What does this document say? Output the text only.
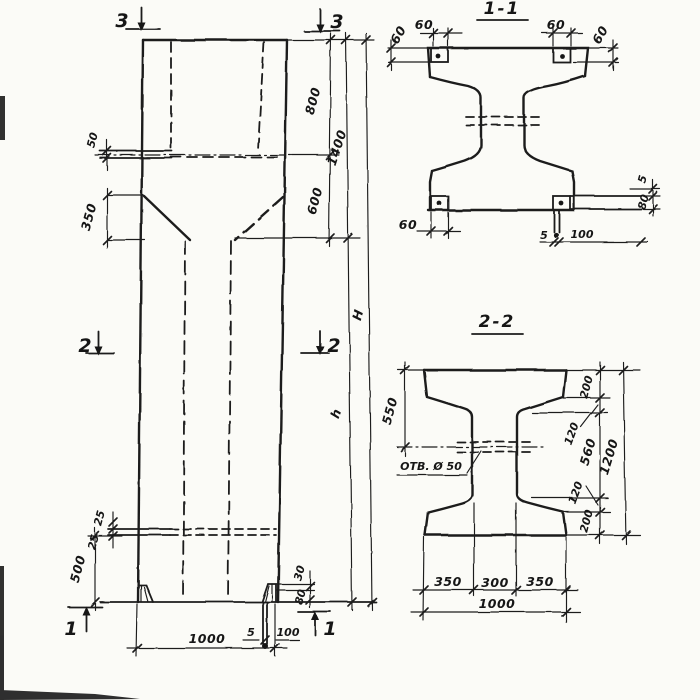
3	3
2	2
1	1
50
350
800
1400
600
H
h
25
25
500	30
80
5 100
1000
1-1
60
60	60 60
60
5 100
5
80
2-2
550
ОТВ. Ø 50
200
120
560
120
200
1200
350 300 350
1000
